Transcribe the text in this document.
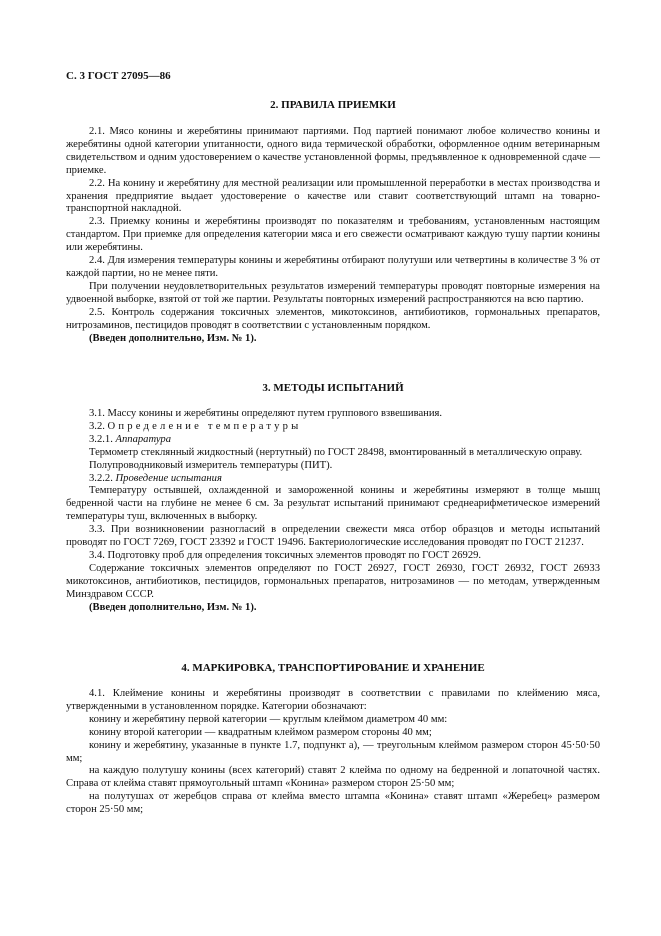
С. 3 ГОСТ 27095—86
2. ПРАВИЛА ПРИЕМКИ

2.1. Мясо конины и жеребятины принимают партиями. Под партией понимают любое количество конины и жеребятины одной категории упитанности, одного вида термической обработки, оформленное одним ветеринарным свидетельством и одним удостоверением о качестве установленной формы, предъявленное к одновременной сдаче — приемке.

2.2. На конину и жеребятину для местной реализации или промышленной переработки в местах производства и хранения предприятие выдает удостоверение о качестве или ставит соответствующий штамп на товарно-транспортной накладной.

2.3. Приемку конины и жеребятины производят по показателям и требованиям, установленным настоящим стандартом. При приемке для определения категории мяса и его свежести осматривают каждую тушу партии конины или жеребятины.

2.4. Для измерения температуры конины и жеребятины отбирают полутуши или четвертины в количестве 3 % от каждой партии, но не менее пяти.

При получении неудовлетворительных результатов измерений температуры проводят повторные измерения на удвоенной выборке, взятой от той же партии. Результаты повторных измерений распространяются на всю партию.

2.5. Контроль содержания токсичных элементов, микотоксинов, антибиотиков, гормональных препаратов, нитрозаминов, пестицидов проводят в соответствии с установленным порядком.

(Введен дополнительно, Изм. № 1).

3. МЕТОДЫ ИСПЫТАНИЙ

3.1. Массу конины и жеребятины определяют путем группового взвешивания.

3.2. Определение температуры

3.2.1. Аппаратура

Термометр стеклянный жидкостный (нертутный) по ГОСТ 28498, вмонтированный в металлическую оправу.

Полупроводниковый измеритель температуры (ПИТ).

3.2.2. Проведение испытания

Температуру остывшей, охлажденной и замороженной конины и жеребятины измеряют в толще мышц бедренной части на глубине не менее 6 см. За результат испытаний принимают среднеарифметическое измерений температуры туш, включенных в выборку.

3.3. При возникновении разногласий в определении свежести мяса отбор образцов и методы испытаний проводят по ГОСТ 7269, ГОСТ 23392 и ГОСТ 19496. Бактериологические исследования проводят по ГОСТ 21237.

3.4. Подготовку проб для определения токсичных элементов проводят по ГОСТ 26929.

Содержание токсичных элементов определяют по ГОСТ 26927, ГОСТ 26930, ГОСТ 26932, ГОСТ 26933 микотоксинов, антибиотиков, пестицидов, гормональных препаратов, нитрозаминов — по методам, утвержденным Минздравом СССР.

(Введен дополнительно, Изм. № 1).

4. МАРКИРОВКА, ТРАНСПОРТИРОВАНИЕ И ХРАНЕНИЕ

4.1. Клеймение конины и жеребятины производят в соответствии с правилами по клеймению мяса, утвержденными в установленном порядке. Категории обозначают:

конину и жеребятину первой категории — круглым клеймом диаметром 40 мм:

конину второй категории — квадратным клеймом размером стороны 40 мм;

конину и жеребятину, указанные в пункте 1.7, подпункт а), — треугольным клеймом размером сторон 45·50·50 мм;

на каждую полутушу конины (всех категорий) ставят 2 клейма по одному на бедренной и лопаточной частях. Справа от клейма ставят прямоугольный штамп «Конина» размером сторон 25·50 мм;

на полутушах от жеребцов справа от клейма вместо штампа «Конина» ставят штамп «Жеребец» размером сторон 25·50 мм;
